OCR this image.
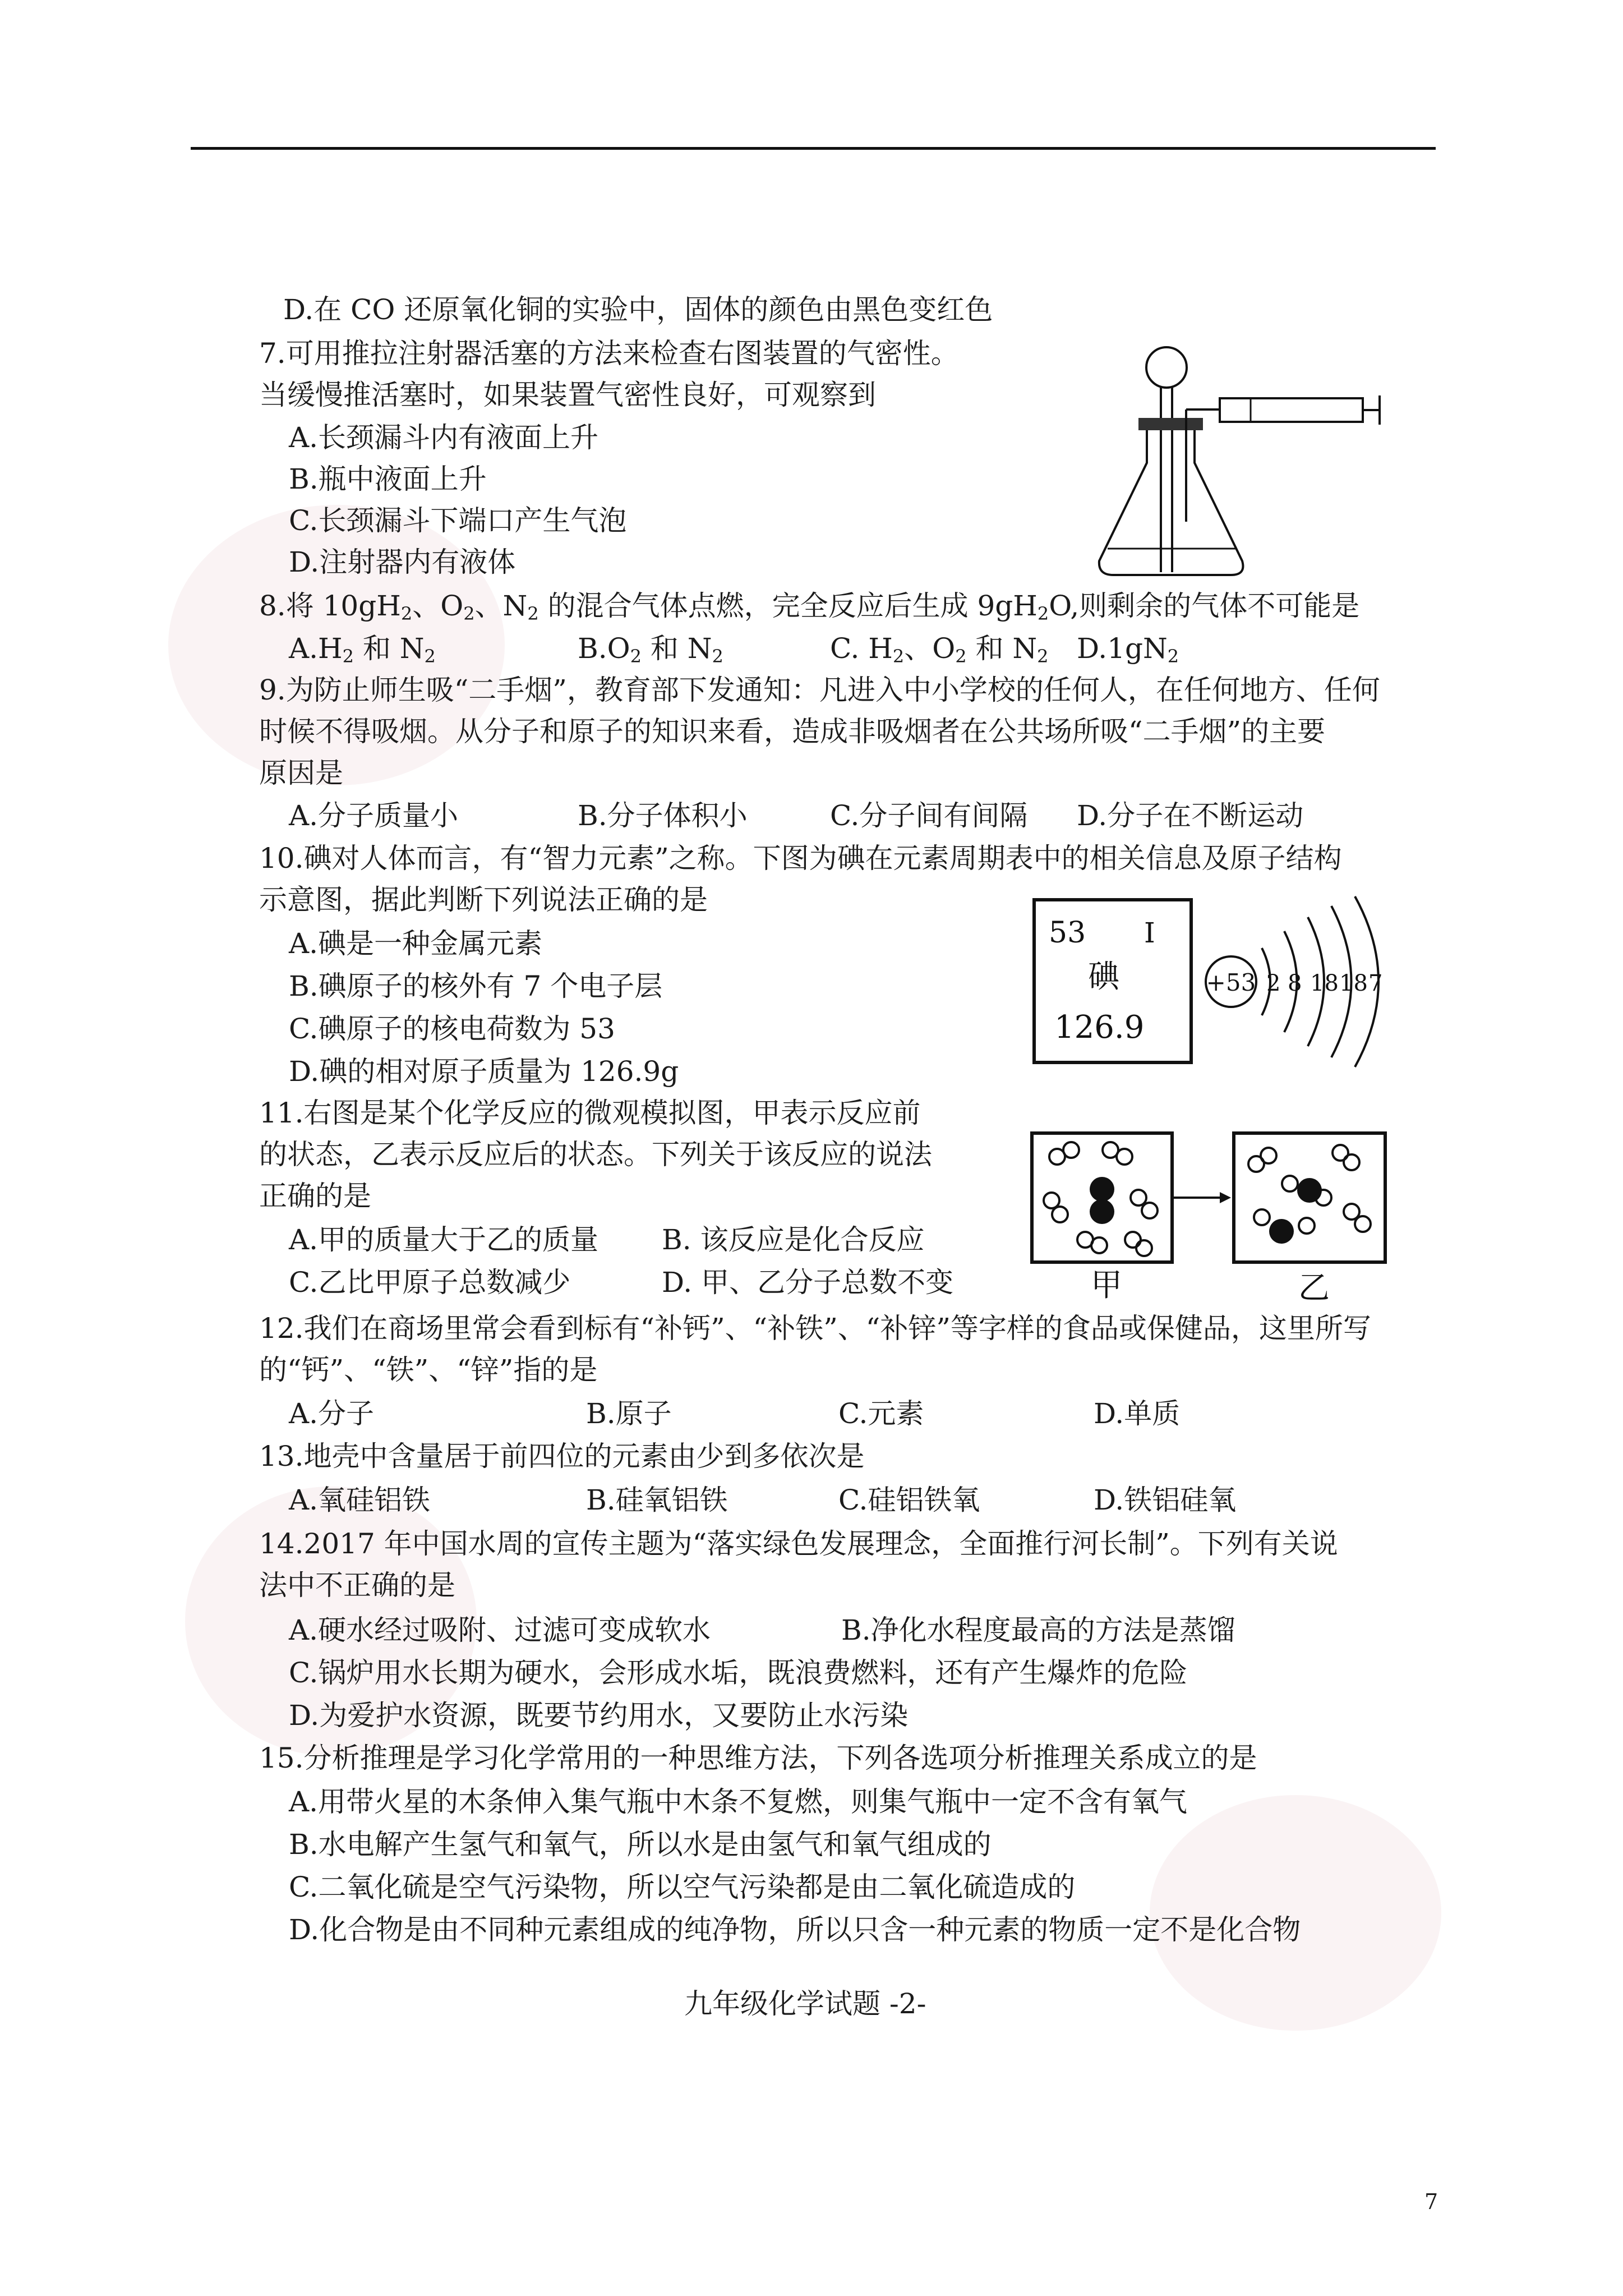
D.在 CO 还原氧化铜的实验中，固体的颜色由黑色变红色
7.可用推拉注射器活塞的方法来检查右图装置的气密性。
当缓慢推活塞时，如果装置气密性良好，可观察到
A.长颈漏斗内有液面上升
B.瓶中液面上升
C.长颈漏斗下端口产生气泡
D.注射器内有液体
8.将 $10gH_2$、$O_2$、$N_2$ 的混合气体点燃，完全反应后生成 $9gH_2O$,则剩余的气体不可能是
$A.H_2$ 和 $N_2$	$B.O_2$ 和 $N_2$	C. $H_2$、$O_2$ 和 $N_2$ $D.1gN_2$
9.为防止师生吸“二手烟”，教育部下发通知：凡进入中小学校的任何人，在任何地方、任何
时候不得吸烟。从分子和原子的知识来看，造成非吸烟者在公共场所吸“二手烟”的主要
原因是
A.分子质量小	B.分子体积小	C.分子间有间隔 D.分子在不断运动
10.碘对人体而言，有“智力元素”之称。下图为碘在元素周期表中的相关信息及原子结构
示意图，据此判断下列说法正确的是
A.碘是一种金属元素
B.碘原子的核外有 7 个电子层
C.碘原子的核电荷数为 53
D.碘的相对原子质量为 126.9g
53 I
碘
126.9
+53 2 8 18 18 7
11.右图是某个化学反应的微观模拟图，甲表示反应前
的状态，乙表示反应后的状态。下列关于该反应的说法
正确的是
A.甲的质量大于乙的质量 B. 该反应是化合反应
C.乙比甲原子总数减少	D. 甲、乙分子总数不变	甲	乙
12.我们在商场里常会看到标有“补钙”、“补铁”、“补锌”等字样的食品或保健品，这里所写
的“钙”、“铁”、“锌”指的是
A.分子	B.原子	C.元素	D.单质
13.地壳中含量居于前四位的元素由少到多依次是
A.氧硅铝铁	B.硅氧铝铁	C.硅铝铁氧	D.铁铝硅氧
14.2017 年中国水周的宣传主题为“落实绿色发展理念，全面推行河长制”。下列有关说
法中不正确的是
A.硬水经过吸附、过滤可变成软水	B.净化水程度最高的方法是蒸馏
C.锅炉用水长期为硬水，会形成水垢，既浪费燃料，还有产生爆炸的危险
D.为爱护水资源，既要节约用水，又要防止水污染
15.分析推理是学习化学常用的一种思维方法，下列各选项分析推理关系成立的是
A.用带火星的木条伸入集气瓶中木条不复燃，则集气瓶中一定不含有氧气
B.水电解产生氢气和氧气，所以水是由氢气和氧气组成的
C.二氧化硫是空气污染物，所以空气污染都是由二氧化硫造成的
D.化合物是由不同种元素组成的纯净物，所以只含一种元素的物质一定不是化合物
九年级化学试题 -2-
7
